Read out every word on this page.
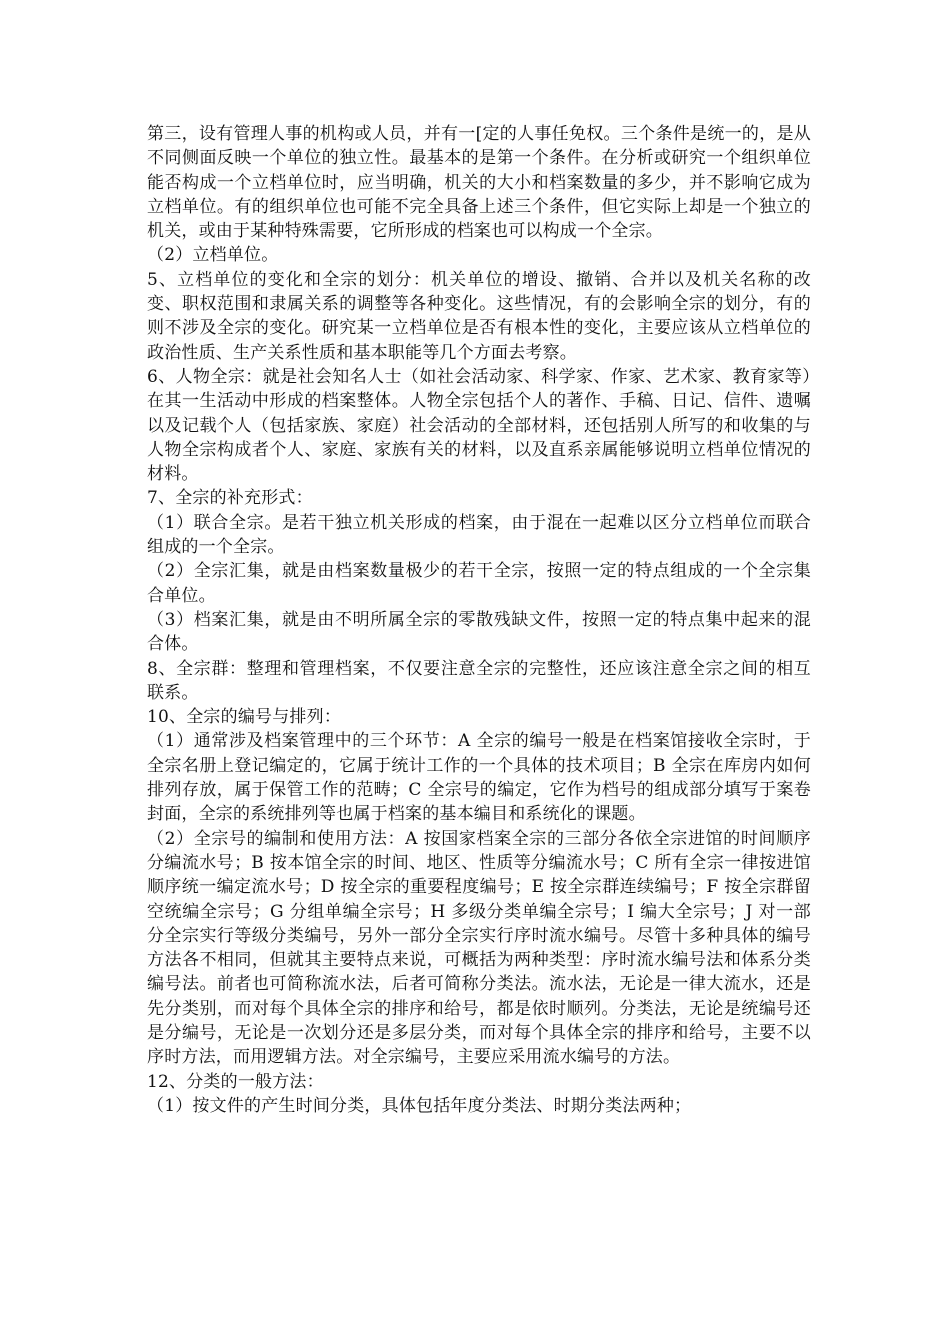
第三，设有管理人事的机构或人员，并有一[定的人事任免权。三个条件是统一的，是从不同侧面反映一个单位的独立性。最基本的是第一个条件。在分析或研究一个组织单位能否构成一个立档单位时，应当明确，机关的大小和档案数量的多少，并不影响它成为立档单位。有的组织单位也可能不完全具备上述三个条件，但它实际上却是一个独立的机关，或由于某种特殊需要，它所形成的档案也可以构成一个全宗。

（2）立档单位。

5、立档单位的变化和全宗的划分：机关单位的增设、撤销、合并以及机关名称的改变、职权范围和隶属关系的调整等各种变化。这些情况，有的会影响全宗的划分，有的则不涉及全宗的变化。研究某一立档单位是否有根本性的变化，主要应该从立档单位的政治性质、生产关系性质和基本职能等几个方面去考察。

6、人物全宗：就是社会知名人士（如社会活动家、科学家、作家、艺术家、教育家等）在其一生活动中形成的档案整体。人物全宗包括个人的著作、手稿、日记、信件、遗嘱以及记载个人（包括家族、家庭）社会活动的全部材料，还包括别人所写的和收集的与人物全宗构成者个人、家庭、家族有关的材料，以及直系亲属能够说明立档单位情况的材料。

7、全宗的补充形式：

（1）联合全宗。是若干独立机关形成的档案，由于混在一起难以区分立档单位而联合组成的一个全宗。

（2）全宗汇集，就是由档案数量极少的若干全宗，按照一定的特点组成的一个全宗集合单位。

（3）档案汇集，就是由不明所属全宗的零散残缺文件，按照一定的特点集中起来的混合体。

8、全宗群：整理和管理档案，不仅要注意全宗的完整性，还应该注意全宗之间的相互联系。

10、全宗的编号与排列：

（1）通常涉及档案管理中的三个环节：A 全宗的编号一般是在档案馆接收全宗时，于全宗名册上登记编定的，它属于统计工作的一个具体的技术项目；B 全宗在库房内如何排列存放，属于保管工作的范畴；C 全宗号的编定，它作为档号的组成部分填写于案卷封面，全宗的系统排列等也属于档案的基本编目和系统化的课题。

（2）全宗号的编制和使用方法：A 按国家档案全宗的三部分各依全宗进馆的时间顺序分编流水号；B 按本馆全宗的时间、地区、性质等分编流水号；C 所有全宗一律按进馆顺序统一编定流水号；D 按全宗的重要程度编号；E 按全宗群连续编号；F 按全宗群留空统编全宗号；G 分组单编全宗号；H 多级分类单编全宗号；I 编大全宗号；J 对一部分全宗实行等级分类编号，另外一部分全宗实行序时流水编号。尽管十多种具体的编号方法各不相同，但就其主要特点来说，可概括为两种类型：序时流水编号法和体系分类编号法。前者也可简称流水法，后者可简称分类法。流水法，无论是一律大流水，还是先分类别，而对每个具体全宗的排序和给号，都是依时顺列。分类法，无论是统编号还是分编号，无论是一次划分还是多层分类，而对每个具体全宗的排序和给号，主要不以序时方法，而用逻辑方法。对全宗编号，主要应采用流水编号的方法。

12、分类的一般方法：

（1）按文件的产生时间分类，具体包括年度分类法、时期分类法两种；
